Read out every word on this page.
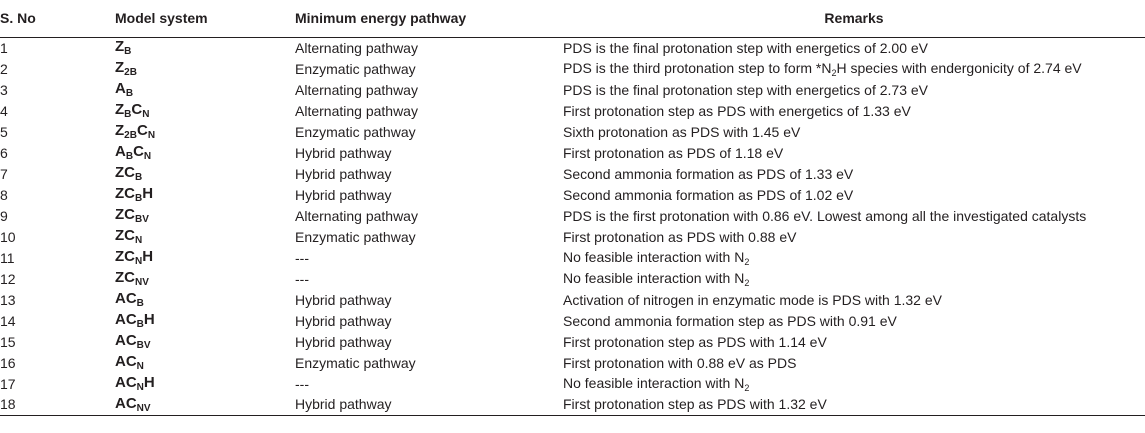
S. No	Model system	Minimum energy pathway	Remarks
1	$Z_B$	Alternating pathway	PDS is the final protonation step with energetics of 2.00 eV
2	$Z_{2B}$	Enzymatic pathway	PDS is the third protonation step to form $*N_2H$ species with endergonicity of 2.74 eV
3	$A_B$	Alternating pathway	PDS is the final protonation step with energetics of 2.73 eV
4	$Z_BC_N$	Alternating pathway	First protonation step as PDS with energetics of 1.33 eV
5	$Z_{2B}C_N$	Enzymatic pathway	Sixth protonation as PDS with 1.45 eV
6	$A_BC_N$	Hybrid pathway	First protonation as PDS of 1.18 eV
7	$ZC_B$	Hybrid pathway	Second ammonia formation as PDS of 1.33 eV
8	$ZC_BH$	Hybrid pathway	Second ammonia formation as PDS of 1.02 eV
9	$ZC_{BV}$	Alternating pathway	PDS is the first protonation with 0.86 eV. Lowest among all the investigated catalysts
10	$ZC_N$	Enzymatic pathway	First protonation as PDS with 0.88 eV
11	$ZC_NH$	---	No feasible interaction with $N_2$
12	$ZC_{NV}$	---	No feasible interaction with $N_2$
13	$AC_B$	Hybrid pathway	Activation of nitrogen in enzymatic mode is PDS with 1.32 eV
14	$AC_BH$	Hybrid pathway	Second ammonia formation step as PDS with 0.91 eV
15	$AC_{BV}$	Hybrid pathway	First protonation step as PDS with 1.14 eV
16	$AC_N$	Enzymatic pathway	First protonation with 0.88 eV as PDS
17	$AC_NH$	---	No feasible interaction with $N_2$
18	$AC_{NV}$	Hybrid pathway	First protonation step as PDS with 1.32 eV
